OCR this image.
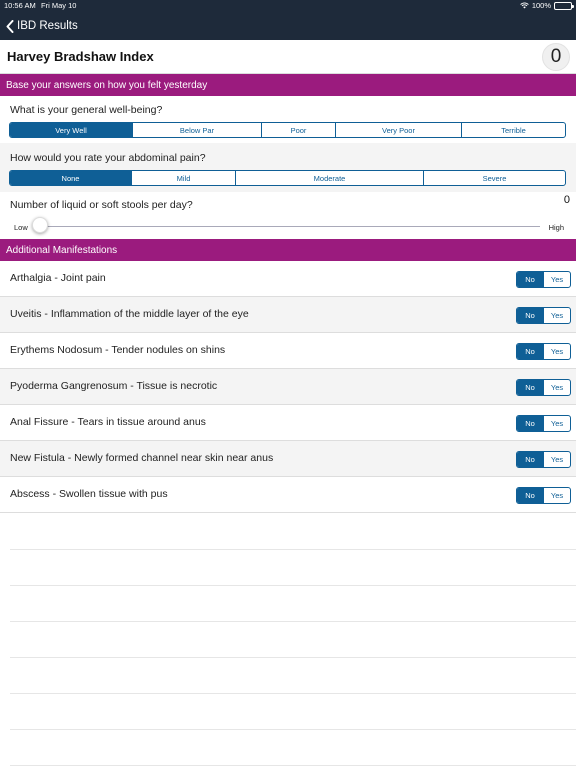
10:56 AM Fri May 10	100%
IBD Results
Harvey Bradshaw Index	0
Base your answers on how you felt yesterday
What is your general well-being?
Very Well	Below Par	Poor	Very Poor	Terrible
How would you rate your abdominal pain?
None	Mild	Moderate	Severe
Number of liquid or soft stools per day?	0
Low	High
Additional Manifestations
Arthalgia - Joint pain	No	Yes
Uveitis - Inflammation of the middle layer of the eye	No	Yes
Erythems Nodosum - Tender nodules on shins	No	Yes
Pyoderma Gangrenosum - Tissue is necrotic	No	Yes
Anal Fissure - Tears in tissue around anus	No	Yes
New Fistula - Newly formed channel near skin near anus	No	Yes
Abscess - Swollen tissue with pus	No	Yes
